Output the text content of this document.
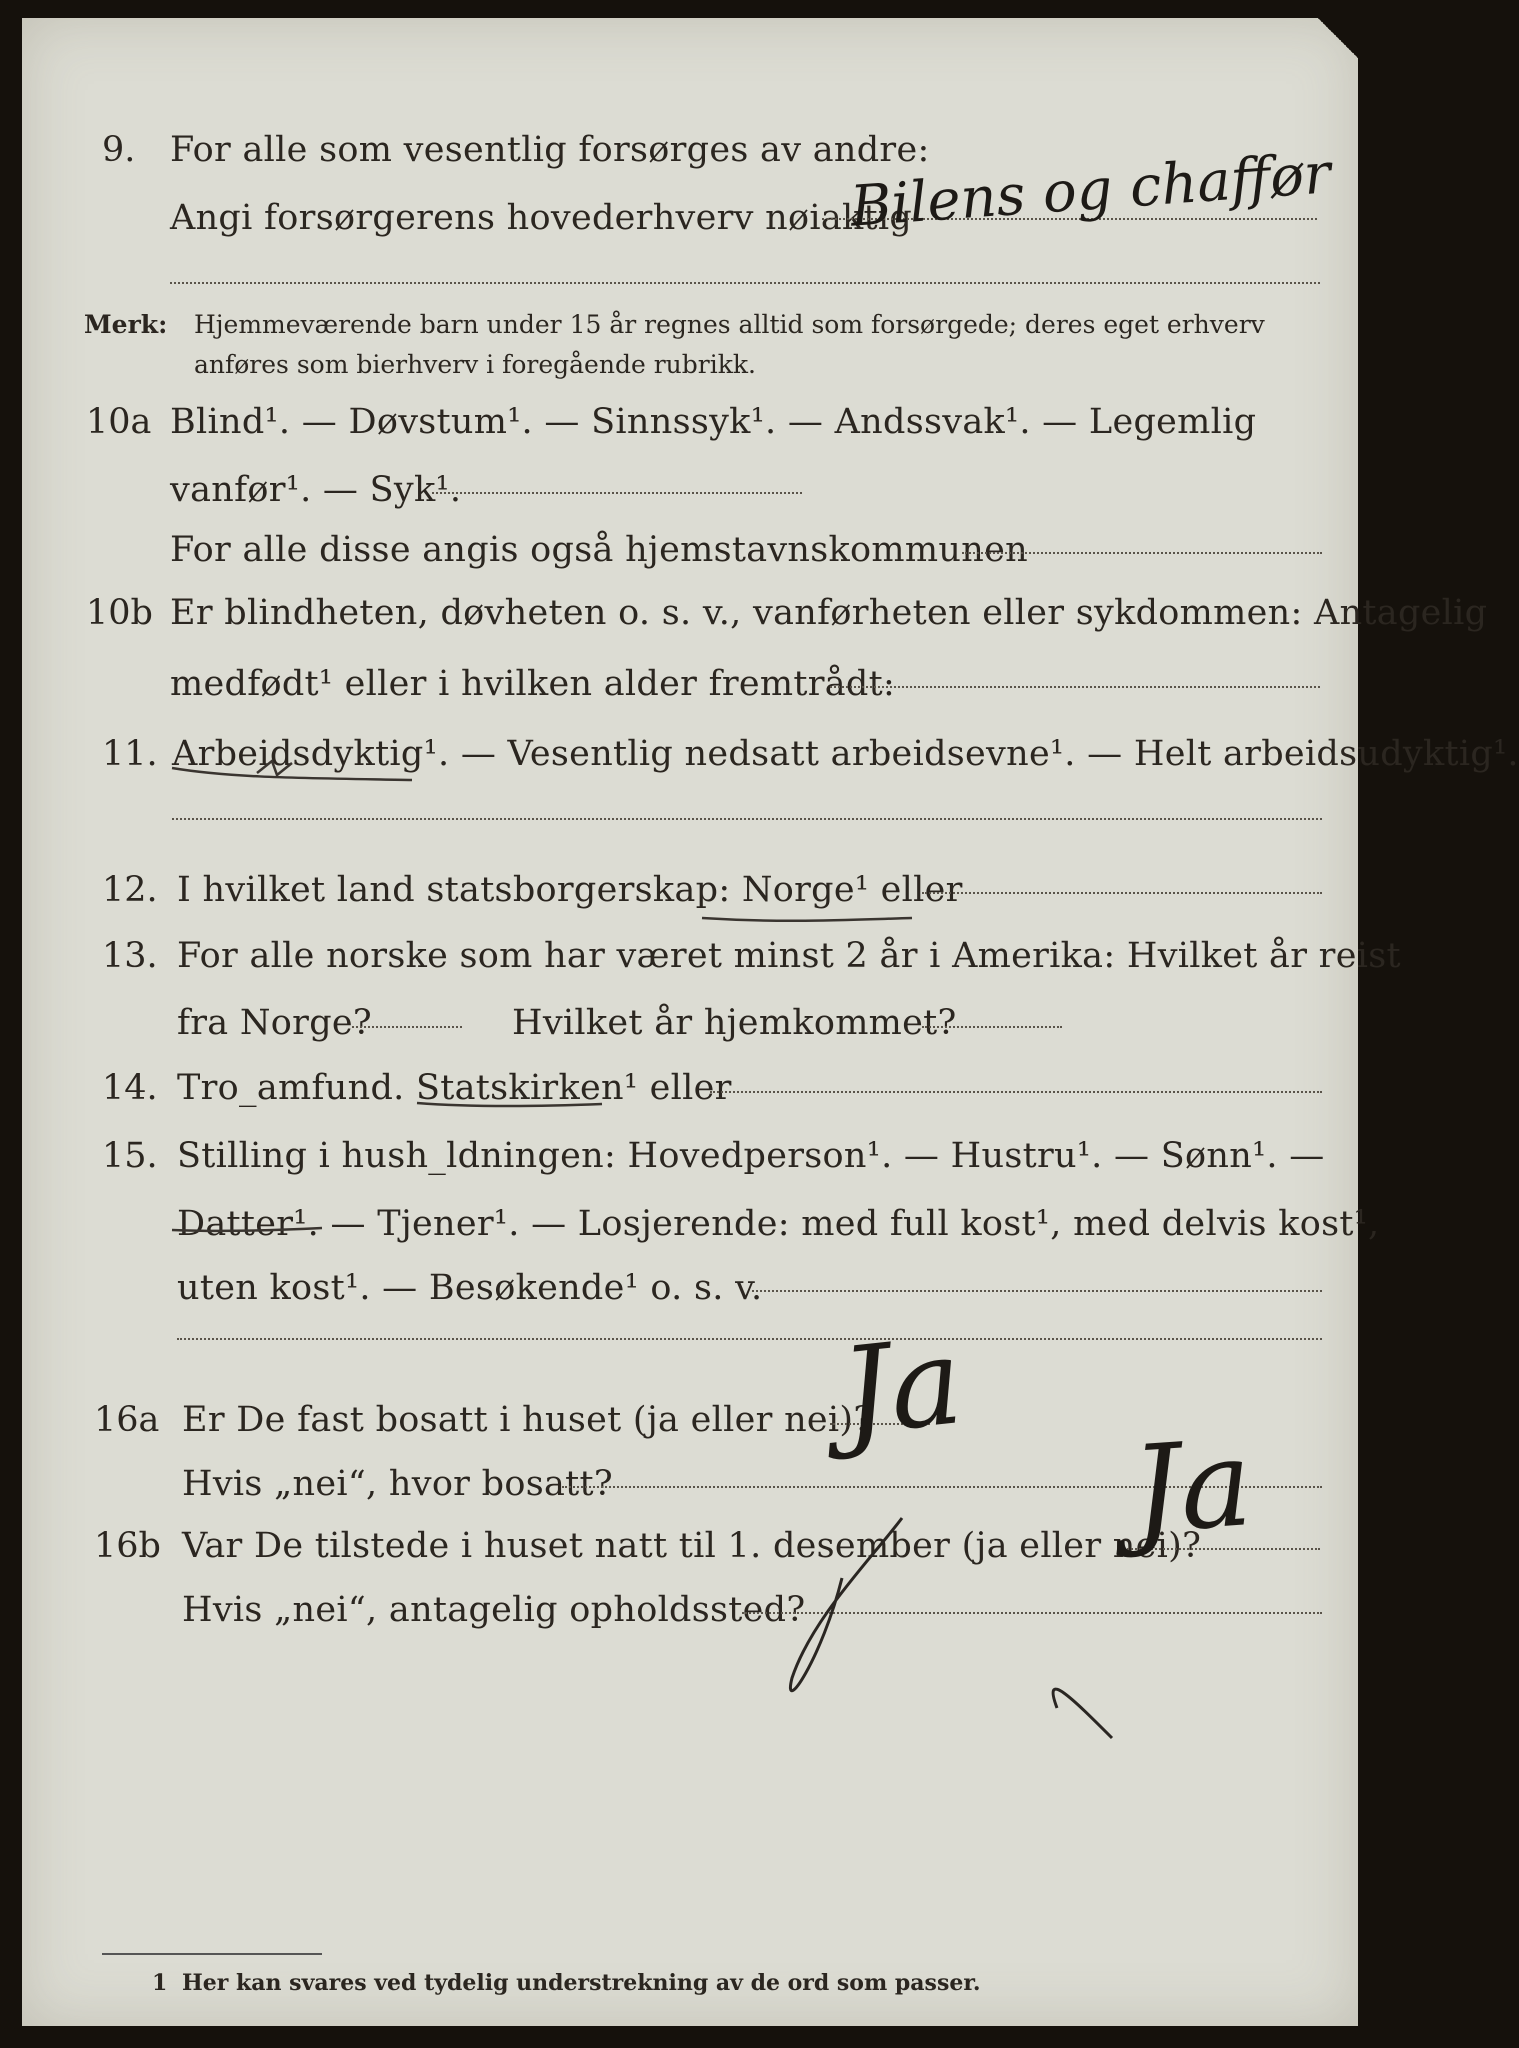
9. For alle som vesentlig forsørges av andre:
Angi forsørgerens hovederhverv nøiaktig
Bilens og chaffør
Merk: Hjemmeværende barn under 15 år regnes alltid som forsørgede; deres eget erhverv
anføres som bierhverv i foregående rubrikk.
10a Blind¹. — Døvstum¹. — Sinnssyk¹. — Andssvak¹. — Legemlig
vanfør¹. — Syk¹.
For alle disse angis også hjemstavnskommunen
10b Er blindheten, døvheten o. s. v., vanførheten eller sykdommen: Antagelig
medfødt¹ eller i hvilken alder fremtrådt:
11. Arbeidsdyktig¹. — Vesentlig nedsatt arbeidsevne¹. — Helt arbeidsudyktig¹.
12. I hvilket land statsborgerskap: Norge¹ eller
13. For alle norske som har været minst 2 år i Amerika: Hvilket år reist
fra Norge?	Hvilket år hjemkommet?
14. Tro_amfund. Statskirken¹ eller
15. Stilling i hush_ldningen: Hovedperson¹. — Hustru¹. — Sønn¹. —
Datter¹. — Tjener¹. — Losjerende: med full kost¹, med delvis kost¹,
uten kost¹. — Besøkende¹ o. s. v.
16a Er De fast bosatt i huset (ja eller nei)?
Hvis „nei“, hvor bosatt?
Ja
16b Var De tilstede i huset natt til 1. desember (ja eller nei)?
Hvis „nei“, antagelig opholdssted?
Ja
1 Her kan svares ved tydelig understrekning av de ord som passer.
